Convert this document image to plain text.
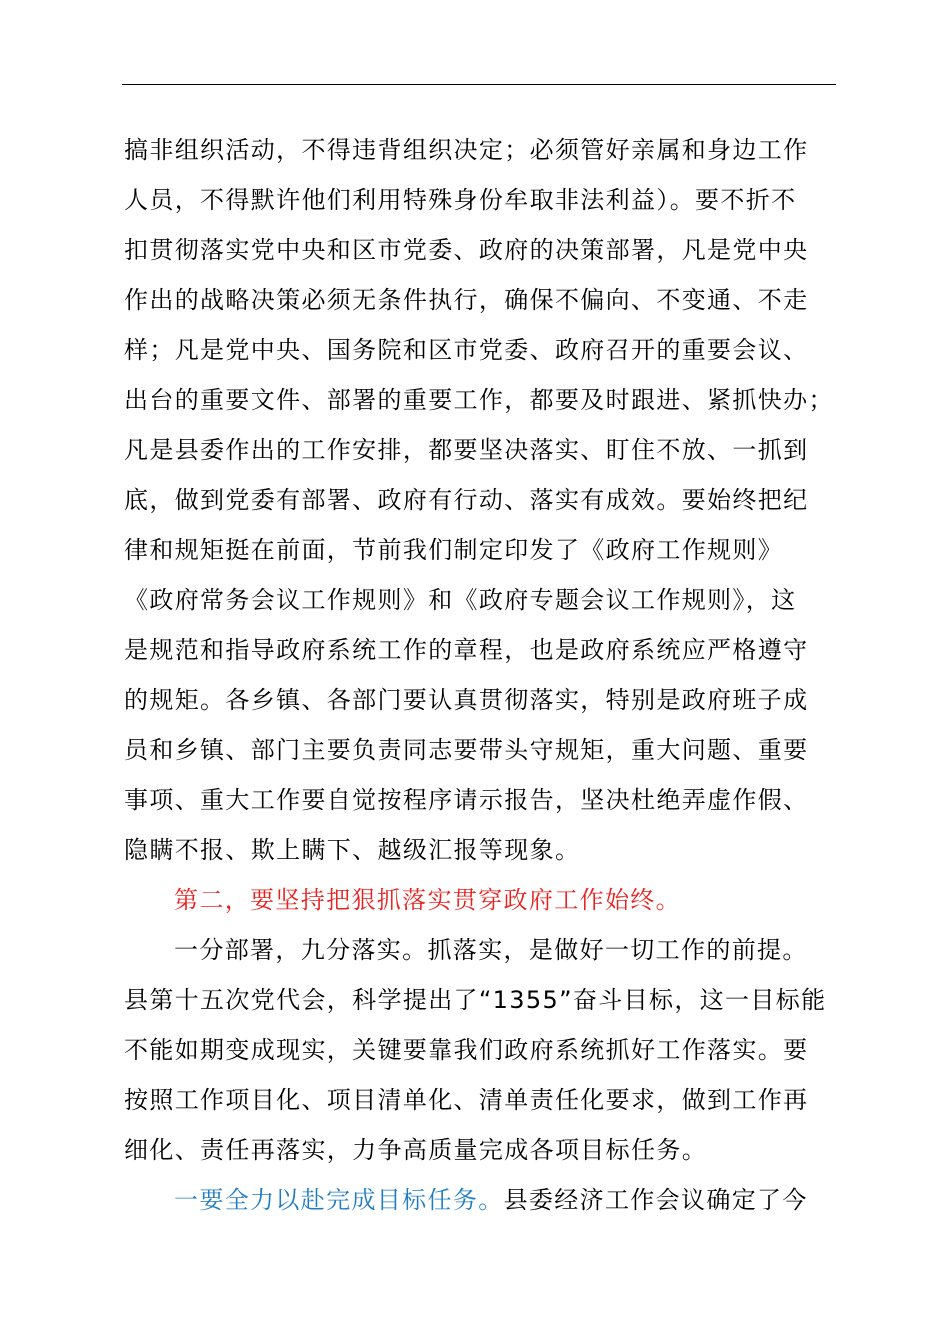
搞非组织活动，不得违背组织决定；必须管好亲属和身边工作
人员，不得默许他们利用特殊身份牟取非法利益）。要不折不
扣贯彻落实党中央和区市党委、政府的决策部署，凡是党中央
作出的战略决策必须无条件执行，确保不偏向、不变通、不走
样；凡是党中央、国务院和区市党委、政府召开的重要会议、
出台的重要文件、部署的重要工作，都要及时跟进、紧抓快办；
凡是县委作出的工作安排，都要坚决落实、盯住不放、一抓到
底，做到党委有部署、政府有行动、落实有成效。要始终把纪
律和规矩挺在前面，节前我们制定印发了《政府工作规则》
《政府常务会议工作规则》和《政府专题会议工作规则》，这
是规范和指导政府系统工作的章程，也是政府系统应严格遵守
的规矩。各乡镇、各部门要认真贯彻落实，特别是政府班子成
员和乡镇、部门主要负责同志要带头守规矩，重大问题、重要
事项、重大工作要自觉按程序请示报告，坚决杜绝弄虚作假、
隐瞒不报、欺上瞒下、越级汇报等现象。
第二，要坚持把狠抓落实贯穿政府工作始终。
一分部署，九分落实。抓落实，是做好一切工作的前提。
县第十五次党代会，科学提出了“1355”奋斗目标，这一目标能
不能如期变成现实，关键要靠我们政府系统抓好工作落实。要
按照工作项目化、项目清单化、清单责任化要求，做到工作再
细化、责任再落实，力争高质量完成各项目标任务。
一要全力以赴完成目标任务。县委经济工作会议确定了今
